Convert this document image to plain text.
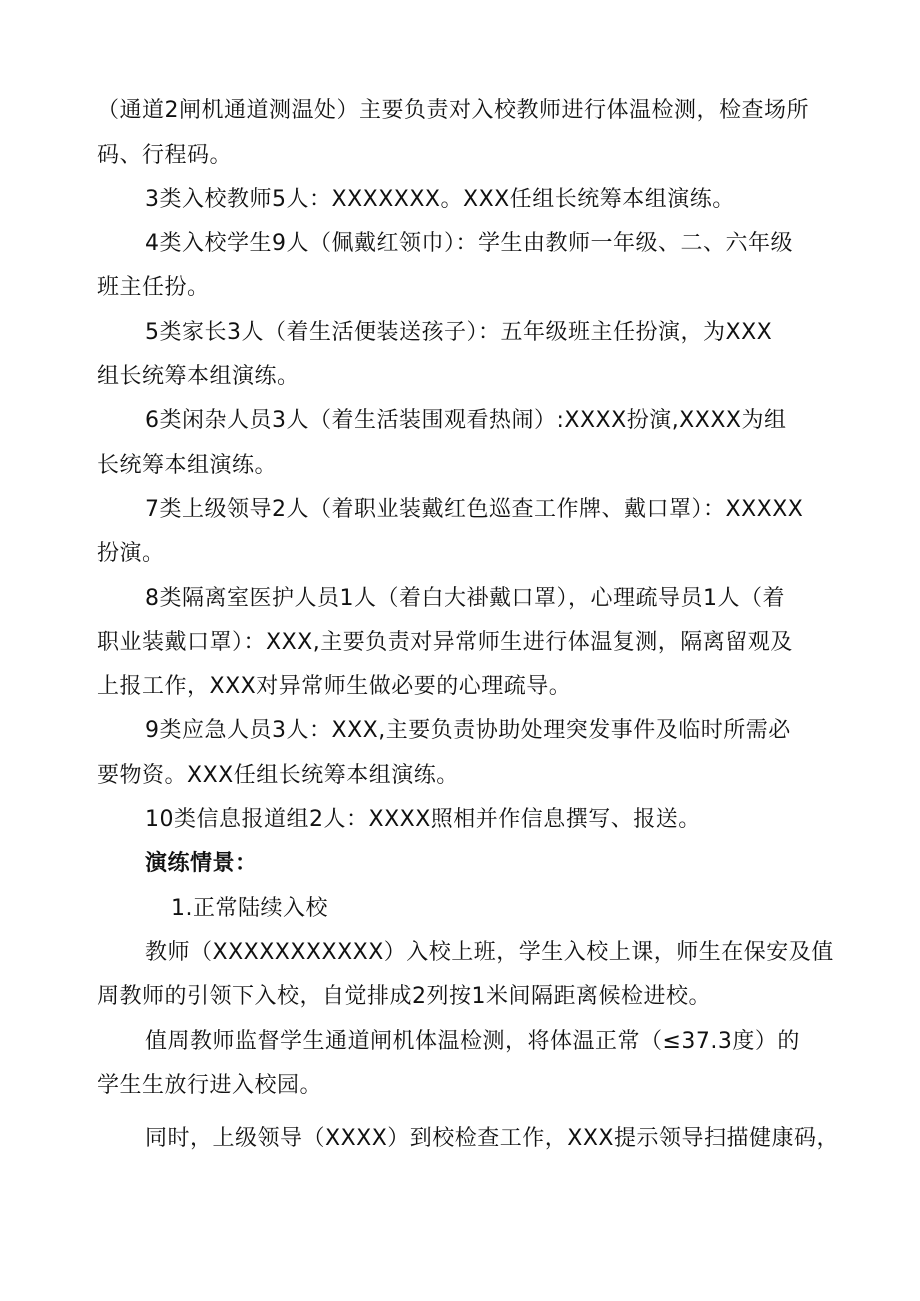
（通道2闸机通道测温处）主要负责对入校教师进行体温检测，检查场所

码、行程码。

3类入校教师5人：XXXXXXX。XXX任组长统筹本组演练。

4类入校学生9人（佩戴红领巾）：学生由教师一年级、二、六年级

班主任扮。

5类家长3人（着生活便装送孩子）：五年级班主任扮演，为XXX

组长统筹本组演练。

6类闲杂人员3人（着生活装围观看热闹）:XXXX扮演,XXXX为组

长统筹本组演练。

7类上级领导2人（着职业装戴红色巡查工作牌、戴口罩）：XXXXX

扮演。

8类隔离室医护人员1人（着白大褂戴口罩），心理疏导员1人（着

职业装戴口罩）：XXX,主要负责对异常师生进行体温复测，隔离留观及

上报工作，XXX对异常师生做必要的心理疏导。

9类应急人员3人：XXX,主要负责协助处理突发事件及临时所需必

要物资。XXX任组长统筹本组演练。

10类信息报道组2人：XXXX照相并作信息撰写、报送。

演练情景：

1.正常陆续入校

教师（XXXXXXXXXXX）入校上班，学生入校上课，师生在保安及值

周教师的引领下入校，自觉排成2列按1米间隔距离候检进校。

值周教师监督学生通道闸机体温检测，将体温正常（≤37.3度）的

学生生放行进入校园。

同时，上级领导（XXXX）到校检查工作，XXX提示领导扫描健康码，
